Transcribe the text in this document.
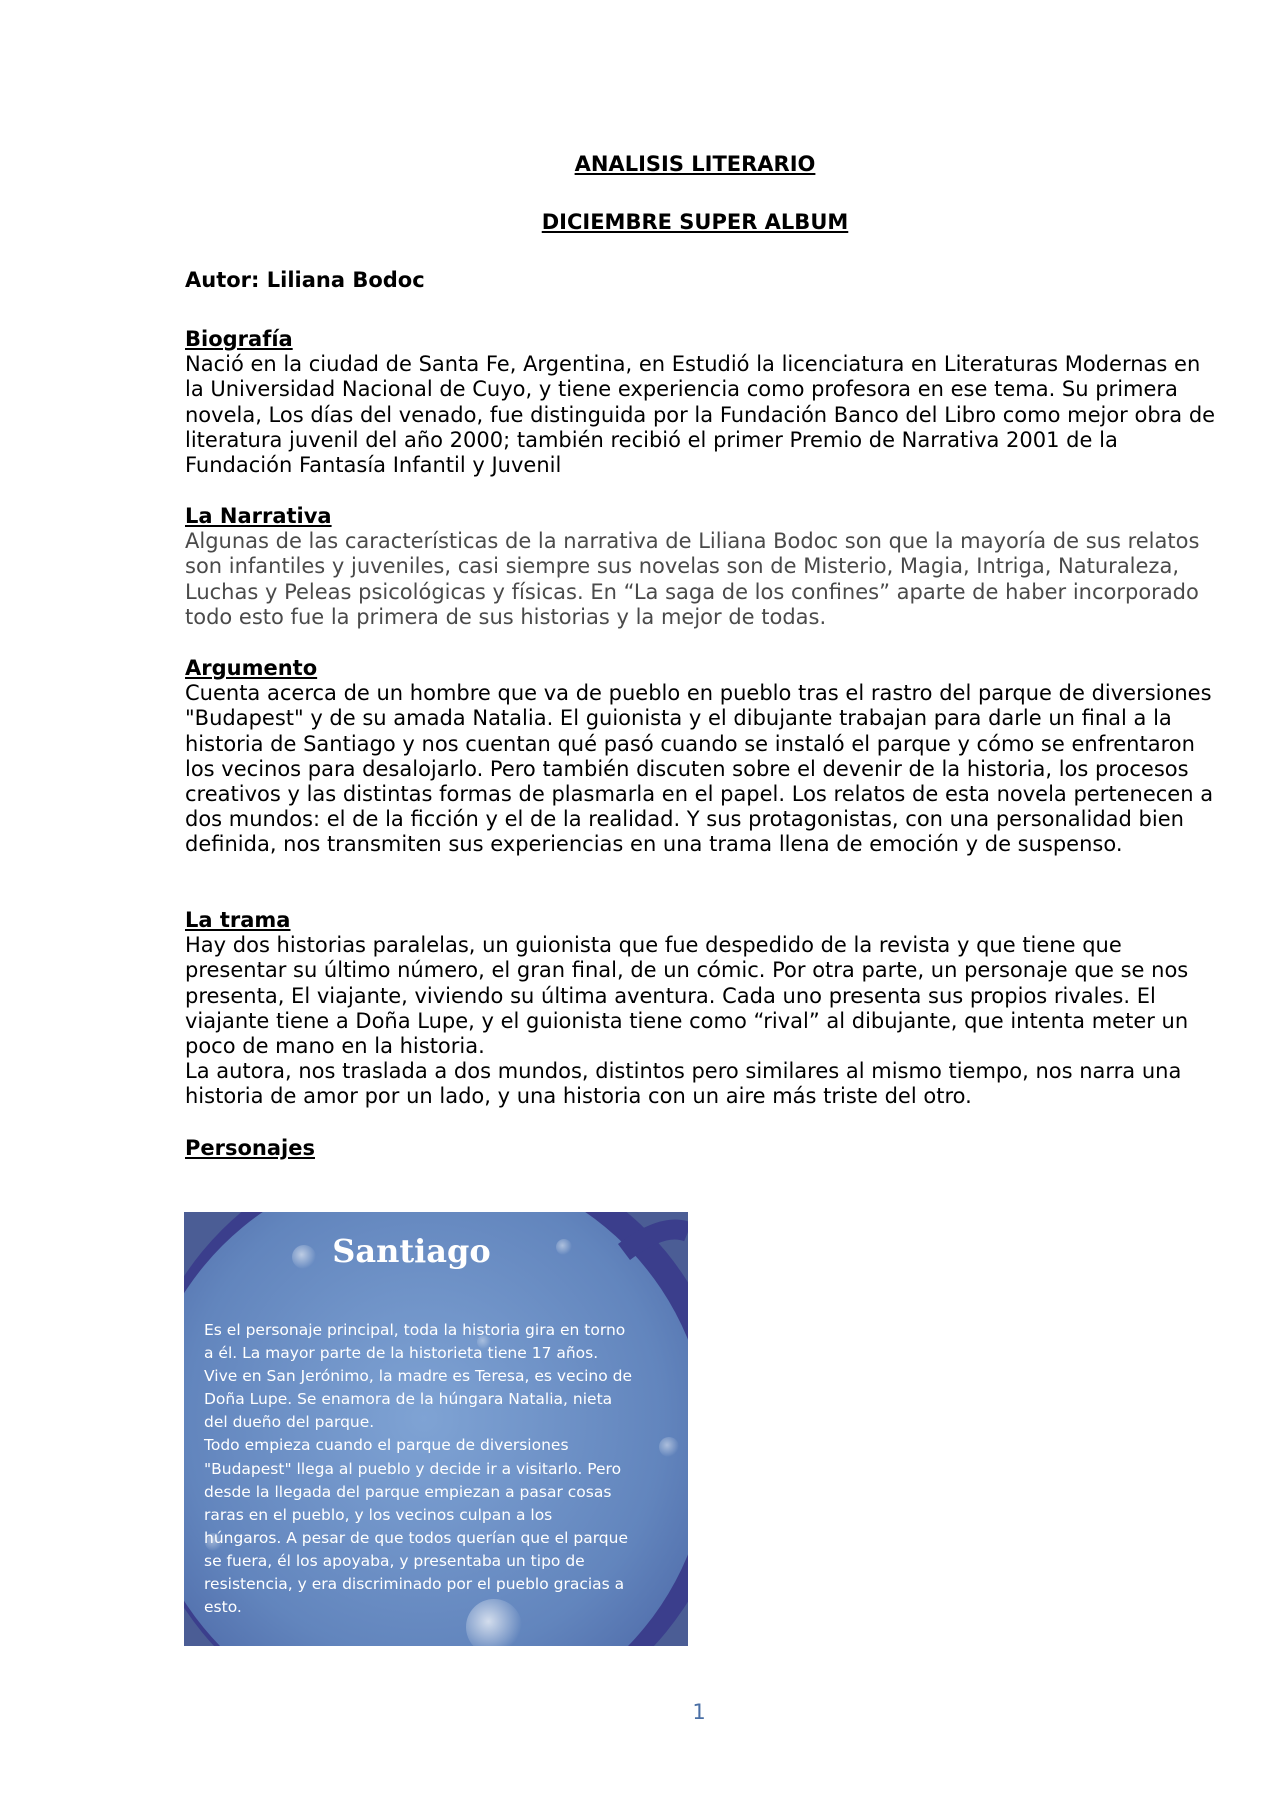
ANALISIS LITERARIO
DICIEMBRE SUPER ALBUM

Autor: Liliana Bodoc

Biografía

Nació en la ciudad de Santa Fe, Argentina, en Estudió la licenciatura en Literaturas Modernas en la Universidad Nacional de Cuyo, y tiene experiencia como profesora en ese tema. Su primera novela, Los días del venado, fue distinguida por la Fundación Banco del Libro como mejor obra de literatura juvenil del año 2000; también recibió el primer Premio de Narrativa 2001 de la Fundación Fantasía Infantil y Juvenil

La Narrativa

Algunas de las características de la narrativa de Liliana Bodoc son que la mayoría de sus relatos son infantiles y juveniles, casi siempre sus novelas son de Misterio, Magia, Intriga, Naturaleza, Luchas y Peleas psicológicas y físicas. En “La saga de los confines” aparte de haber incorporado todo esto fue la primera de sus historias y la mejor de todas.

Argumento

Cuenta acerca de un hombre que va de pueblo en pueblo tras el rastro del parque de diversiones "Budapest" y de su amada Natalia. El guionista y el dibujante trabajan para darle un final a la historia de Santiago y nos cuentan qué pasó cuando se instaló el parque y cómo se enfrentaron los vecinos para desalojarlo. Pero también discuten sobre el devenir de la historia, los procesos creativos y las distintas formas de plasmarla en el papel. Los relatos de esta novela pertenecen a dos mundos: el de la ficción y el de la realidad. Y sus protagonistas, con una personalidad bien definida, nos transmiten sus experiencias en una trama llena de emoción y de suspenso.

La trama

Hay dos historias paralelas, un guionista que fue despedido de la revista y que tiene que presentar su último número, el gran final, de un cómic. Por otra parte, un personaje que se nos presenta, El viajante, viviendo su última aventura. Cada uno presenta sus propios rivales. El viajante tiene a Doña Lupe, y el guionista tiene como “rival” al dibujante, que intenta meter un poco de mano en la historia.

La autora, nos traslada a dos mundos, distintos pero similares al mismo tiempo, nos narra una historia de amor por un lado, y una historia con un aire más triste del otro.

Personajes
Santiago
Es el personaje principal, toda la historia gira en torno a él. La mayor parte de la historieta tiene 17 años. Vive en San Jerónimo, la madre es Teresa, es vecino de Doña Lupe. Se enamora de la húngara Natalia, nieta del dueño del parque.
Todo empieza cuando el parque de diversiones "Budapest" llega al pueblo y decide ir a visitarlo. Pero desde la llegada del parque empiezan a pasar cosas raras en el pueblo, y los vecinos culpan a los húngaros. A pesar de que todos querían que el parque se fuera, él los apoyaba, y presentaba un tipo de resistencia, y era discriminado por el pueblo gracias a esto.
1
